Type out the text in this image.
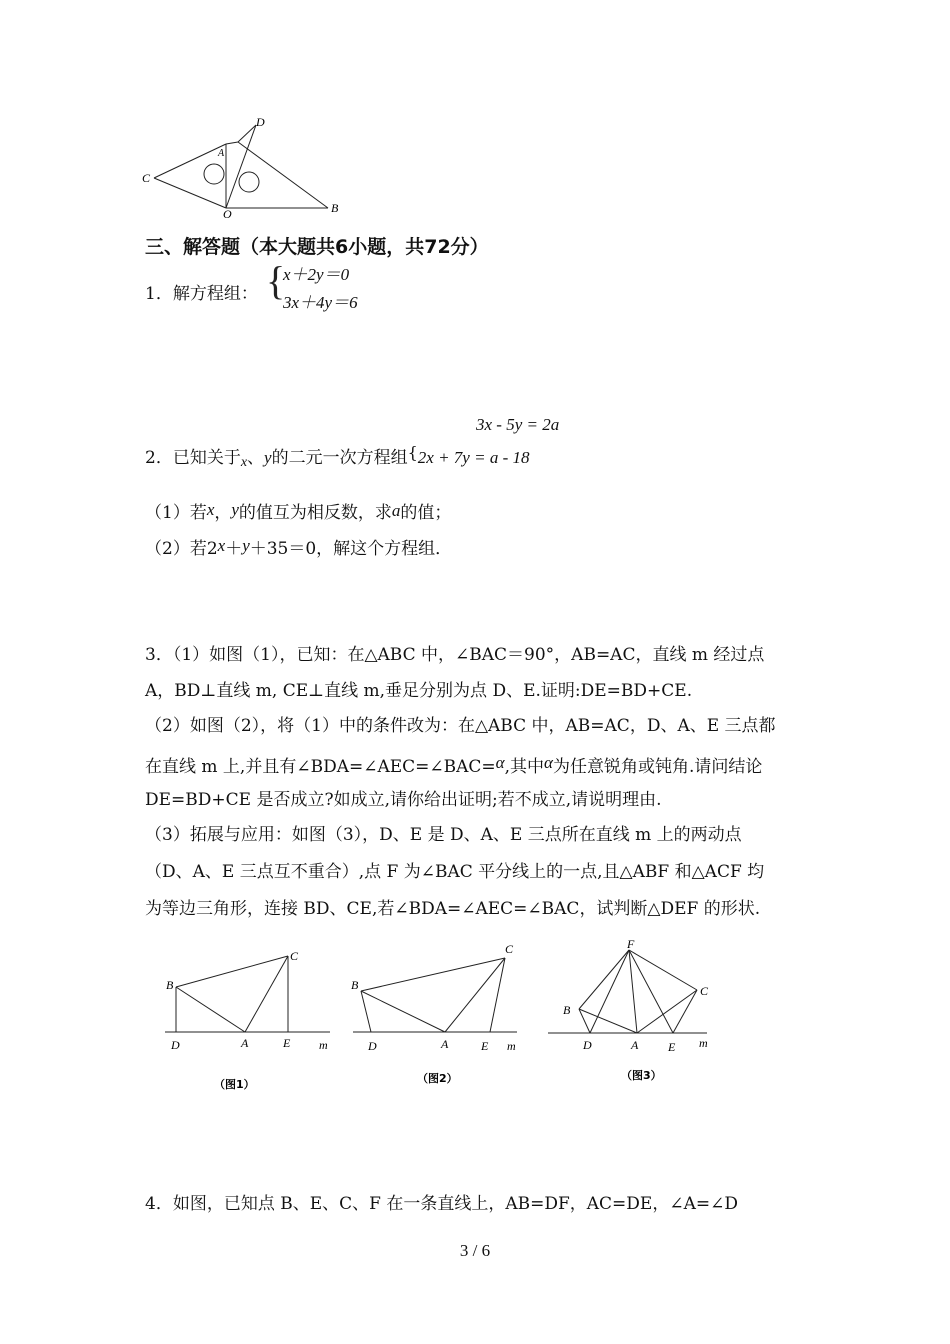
D
A
C
O	B
三、解答题（本大题共6小题，共72分）
1．解方程组： {
x＋2y＝0
3x＋4y＝6
3x - 5y = 2a
2．已知关于x、y的二元一次方程组{2x + 7y = a - 18
（1）若x，y的值互为相反数，求a的值；
（2）若2x＋y＋35＝0，解这个方程组．
3．（1）如图（1），已知：在△ABC 中，∠BAC＝90°，AB=AC，直线 m 经过点
A，BD⊥直线 m, CE⊥直线 m,垂足分别为点 D、E.证明:DE=BD+CE.
（2）如图（2），将（1）中的条件改为：在△ABC 中，AB=AC，D、A、E 三点都
在直线 m 上,并且有∠BDA=∠AEC=∠BAC=α,其中α为任意锐角或钝角.请问结论
DE=BD+CE 是否成立?如成立,请你给出证明;若不成立,请说明理由.
（3）拓展与应用：如图（3），D、E 是 D、A、E 三点所在直线 m 上的两动点
（D、A、E 三点互不重合）,点 F 为∠BAC 平分线上的一点,且△ABF 和△ACF 均
为等边三角形，连接 BD、CE,若∠BDA=∠AEC=∠BAC，试判断△DEF 的形状.
C
B
D	A	E m
（图1）
C
B
D	A	E m
（图2）
F
B
C
D	A E m
（图3）
4．如图，已知点 B、E、C、F 在一条直线上，AB=DF，AC=DE，∠A=∠D
3 / 6
